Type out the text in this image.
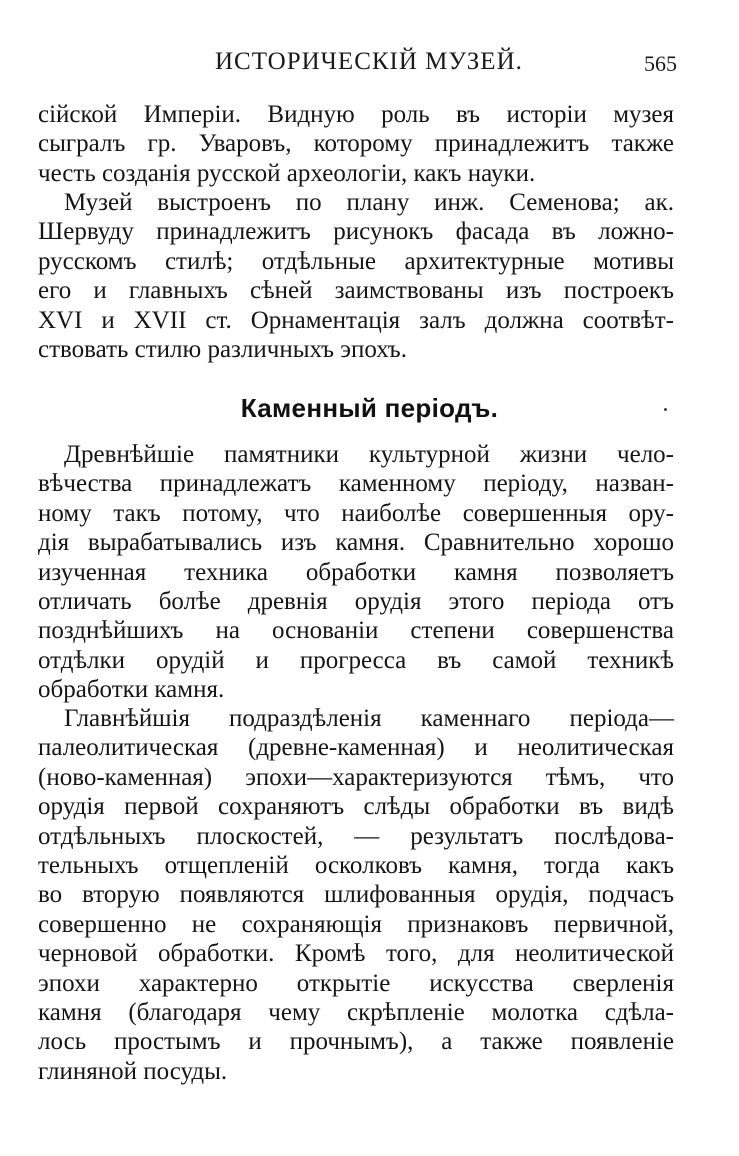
ИСТОРИЧЕСКІЙ МУЗЕЙ.	565
сійской Имперіи. Видную роль въ исторіи музея
сыгралъ гр. Уваровъ, которому принадлежитъ также
честь созданія русской археологіи, какъ науки.
Музей выстроенъ по плану инж. Семенова; ак.
Шервуду принадлежитъ рисунокъ фасада въ ложно-
русскомъ стилѣ; отдѣльные архитектурные мотивы
его и главныхъ сѣней заимствованы изъ построекъ
XVI и XVII ст. Орнаментація залъ должна соотвѣт-
ствовать стилю различныхъ эпохъ.
Каменный періодъ.
Древнѣйшіе памятники культурной жизни чело-
вѣчества принадлежатъ каменному періоду, назван-
ному такъ потому, что наиболѣе совершенныя ору-
дія вырабатывались изъ камня. Сравнительно хорошо
изученная техника обработки камня позволяетъ
отличать болѣе древнія орудія этого періода отъ
позднѣйшихъ на основаніи степени совершенства
отдѣлки орудій и прогресса въ самой техникѣ
обработки камня.
Главнѣйшія подраздѣленія каменнаго періода—
палеолитическая (древне-каменная) и неолитическая
(ново-каменная) эпохи—характеризуются тѣмъ, что
орудія первой сохраняютъ слѣды обработки въ видѣ
отдѣльныхъ плоскостей, — результатъ послѣдова-
тельныхъ отщепленій осколковъ камня, тогда какъ
во вторую появляются шлифованныя орудія, подчасъ
совершенно не сохраняющія признаковъ первичной,
черновой обработки. Кромѣ того, для неолитической
эпохи характерно открытіе искусства сверленія
камня (благодаря чему скрѣпленіе молотка сдѣла-
лось простымъ и прочнымъ), а также появленіе
глиняной посуды.
